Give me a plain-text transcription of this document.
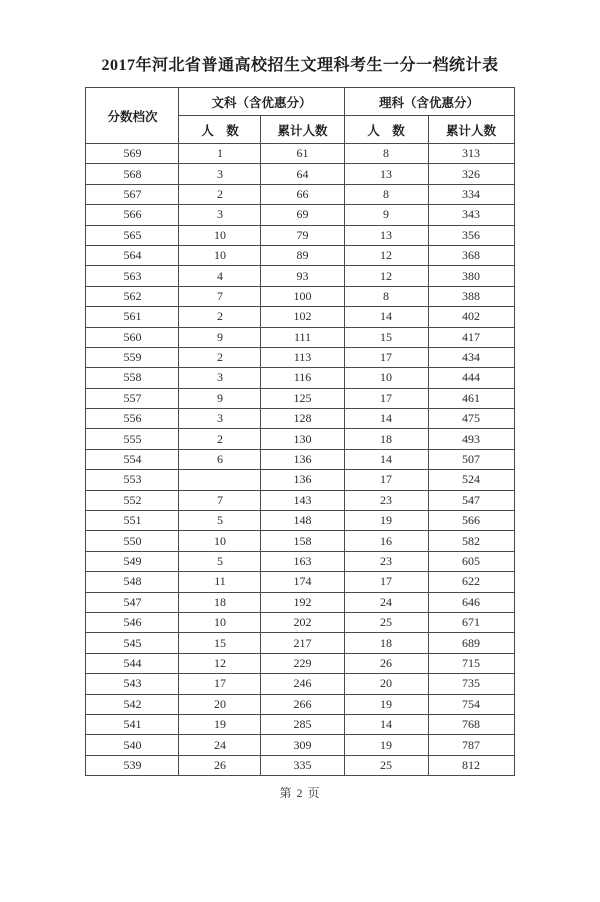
2017年河北省普通高校招生文理科考生一分一档统计表
分数档次	文科（含优惠分）		理科（含优惠分）	
	人　数	累计人数	人　数	累计人数
569	1	61	8	313
568	3	64	13	326
567	2	66	8	334
566	3	69	9	343
565	10	79	13	356
564	10	89	12	368
563	4	93	12	380
562	7	100	8	388
561	2	102	14	402
560	9	111	15	417
559	2	113	17	434
558	3	116	10	444
557	9	125	17	461
556	3	128	14	475
555	2	130	18	493
554	6	136	14	507
553		136	17	524
552	7	143	23	547
551	5	148	19	566
550	10	158	16	582
549	5	163	23	605
548	11	174	17	622
547	18	192	24	646
546	10	202	25	671
545	15	217	18	689
544	12	229	26	715
543	17	246	20	735
542	20	266	19	754
541	19	285	14	768
540	24	309	19	787
539	26	335	25	812
第 2 页
